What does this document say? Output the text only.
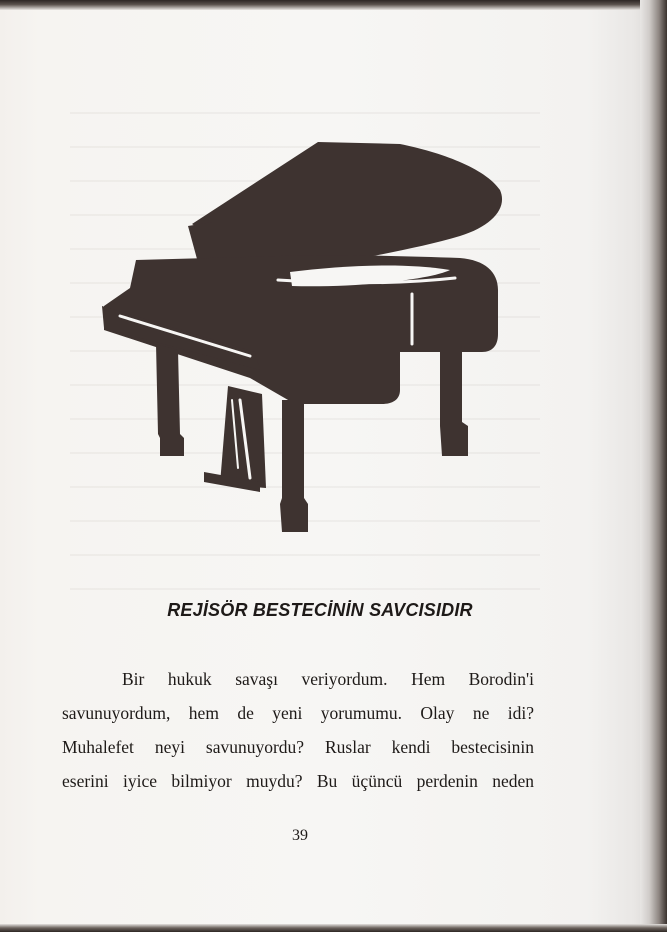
REJİSÖR BESTECİNİN SAVCISIDIR
Bir hukuk savaşı veriyordum. Hem Borodin'i
savunuyordum, hem de yeni yorumumu. Olay ne idi?
Muhalefet neyi savunuyordu? Ruslar kendi bestecisinin
eserini iyice bilmiyor muydu? Bu üçüncü perdenin neden
39
